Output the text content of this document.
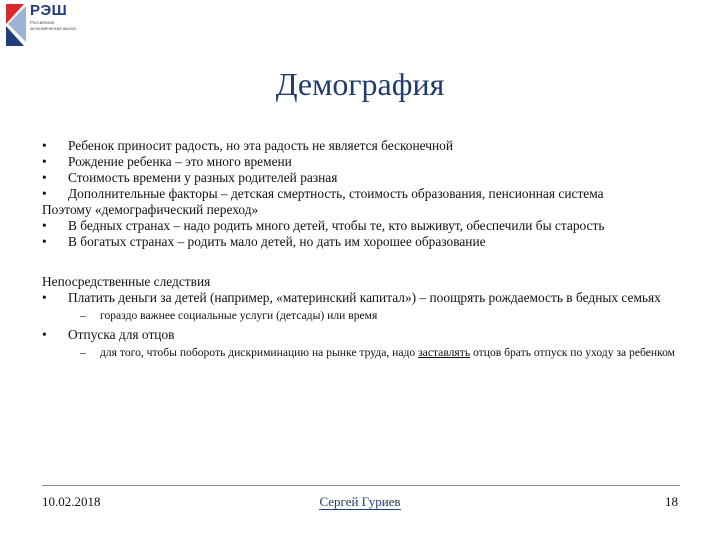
РЭШ
Российская экономическая школа
Демография
• Ребенок приносит радость, но эта радость не является бесконечной
• Рождение ребенка – это много времени
• Стоимость времени у разных родителей разная
• Дополнительные факторы – детская смертность, стоимость образования, пенсионная система
Поэтому «демографический переход»
• В бедных странах – надо родить много детей, чтобы те, кто выживут, обеспечили бы старость
• В богатых странах – родить мало детей, но дать им хорошее образование
Непосредственные следствия
• Платить деньги за детей (например, «материнский капитал») – поощрять рождаемость в бедных семьях
– гораздо важнее социальные услуги (детсады) или время
• Отпуска для отцов
– для того, чтобы побороть дискриминацию на рынке труда, надо заставлять отцов брать отпуск по уходу за ребенком
10.02.2018	Сергей Гуриев	18
